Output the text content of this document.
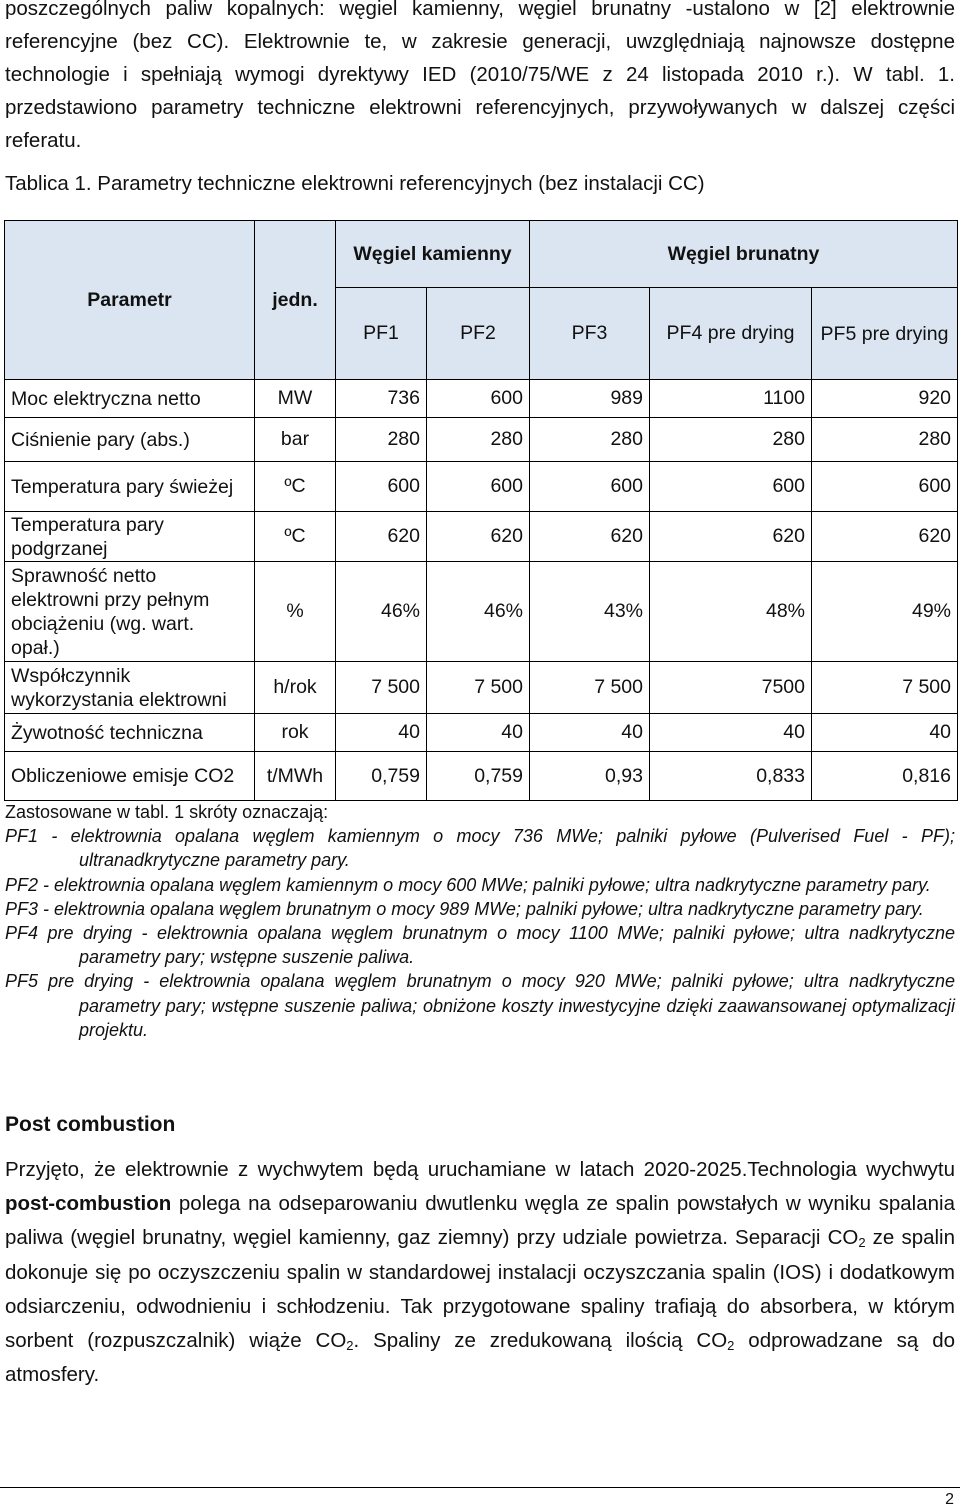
poszczególnych paliw kopalnych: węgiel kamienny, węgiel brunatny -ustalono w [2] elektrownie referencyjne (bez CC). Elektrownie te, w zakresie generacji, uwzględniają najnowsze dostępne technologie i spełniają wymogi dyrektywy IED (2010/75/WE z 24 listopada 2010 r.). W tabl. 1. przedstawiono parametry techniczne elektrowni referencyjnych, przywoływanych w dalszej części referatu.

Tablica 1. Parametry techniczne elektrowni referencyjnych (bez instalacji CC)

Parametr	jedn.	Węgiel kamienny		Węgiel brunatny		
		PF1	PF2	PF3	PF4 pre drying	PF5 pre drying
Moc elektryczna netto	MW	736	600	989	1100	920
Ciśnienie pary (abs.)	bar	280	280	280	280	280
Temperatura pary świeżej	ºC	600	600	600	600	600
Temperatura pary podgrzanej	ºC	620	620	620	620	620
Sprawność netto elektrowni przy pełnym obciążeniu (wg. wart. opał.)	%	46%	46%	43%	48%	49%
Współczynnik wykorzystania elektrowni	h/rok	7 500	7 500	7 500	7500	7 500
Żywotność techniczna	rok	40	40	40	40	40
Obliczeniowe emisje CO2	t/MWh	0,759	0,759	0,93	0,833	0,816

Zastosowane w tabl. 1 skróty oznaczają:

PF1 - elektrownia opalana węglem kamiennym o mocy 736 MWe; palniki pyłowe (Pulverised Fuel - PF); ultranadkrytyczne parametry pary.

PF2 - elektrownia opalana węglem kamiennym o mocy 600 MWe; palniki pyłowe; ultra nadkrytyczne parametry pary.

PF3 - elektrownia opalana węglem brunatnym o mocy 989 MWe; palniki pyłowe; ultra nadkrytyczne parametry pary.

PF4 pre drying - elektrownia opalana węglem brunatnym o mocy 1100 MWe; palniki pyłowe; ultra nadkrytyczne parametry pary; wstępne suszenie paliwa.

PF5 pre drying - elektrownia opalana węglem brunatnym o mocy 920 MWe; palniki pyłowe; ultra nadkrytyczne parametry pary; wstępne suszenie paliwa; obniżone koszty inwestycyjne dzięki zaawansowanej optymalizacji projektu.

Post combustion

Przyjęto, że elektrownie z wychwytem będą uruchamiane w latach 2020-2025.Technologia wychwytu post-combustion polega na odseparowaniu dwutlenku węgla ze spalin powstałych w wyniku spalania paliwa (węgiel brunatny, węgiel kamienny, gaz ziemny) przy udziale powietrza. Separacji $CO_2$ ze spalin dokonuje się po oczyszczeniu spalin w standardowej instalacji oczyszczania spalin (IOS) i dodatkowym odsiarczeniu, odwodnieniu i schłodzeniu. Tak przygotowane spaliny trafiają do absorbera, w którym sorbent (rozpuszczalnik) wiąże $CO_2$. Spaliny ze zredukowaną ilością $CO_2$ odprowadzane są do atmosfery.

2
